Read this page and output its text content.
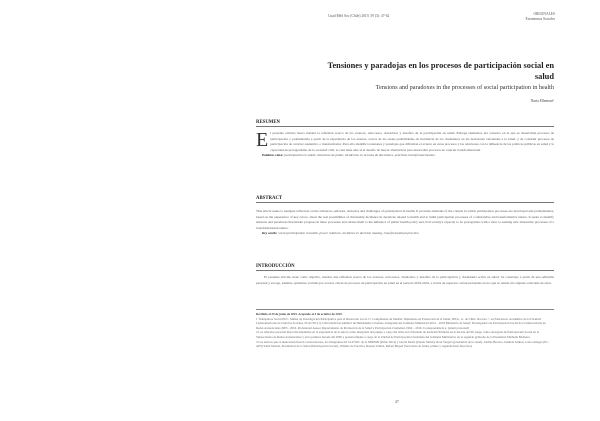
Cuad Méd Soc (Chile) 2019, 59 (3): 47-62	ORIGINALES
Estamentos Sociales
Tensiones y paradojas en los procesos de participación social en salud
Tensions and paradoxes in the processes of social participation in health
Nuria Ellemont¹
RESUMEN
El presente artículo busca instalar la reflexión acerca de los avances, retrocesos, obstáculos y desafíos de la participación en salud. Entrega elementos del contexto en el que se desarrollan procesos de participación y problematiza a partir de la experiencia de los autores, acerca de las reales posibilidades de incidencia de los ciudadanos en las decisiones vinculadas a la salud, y de construir procesos de participación de carácter sustantivo o transformador. Para ello identifica tensiones y paradojas que dificultan el avance en estos procesos y las relaciones con la influencia de las políticas públicas en salud y la capacidad de protagonismo de la sociedad civil, el cual tiene ante sí el desafío de buscar alternativas para desarrollar procesos de carácter transformacional.
Palabras clave: participación en salud, relaciones de poder, incidencia en la toma de decisiones, prácticas transformacionales.
ABSTRACT
This article seeks to instigate reflection on the advances, setbacks, obstacles and challenges of participation in health. It provides elements of the context in which participation processes are developed and problematizes, based on the experience of key actors, about the real possibilities of citizenship incidence in decisions related to health and to build participation processes of a substantive and transformative nature. It seeks to identify tensions and paradoxes that hinder progress in these processes and relates them to the influence of public health policy and civil society's capacity to be protagonists with a view to seeking new alternative processes of a transformational nature.
Key words: social participation in health, power relations, incidence in decision making, transformational practice.
INTRODUCCIÓN
El presente artículo tiene como objetivo, instalar una reflexión acerca de los avances, retrocesos, obstáculos y desafíos de la participación y ciudadanía activa en salud. Se construye a partir de una reflexión personal y escoge, además, opiniones vertidas por actores claves de procesos de participación en salud en el período 2016-2019, a través de espacios conversacionales en los que se reunió un conjunto relevante de ellos.
Recibido el 29 de junio de 2019. Aceptado el 4 de octubre de 2019.
1 Trabajadora Social PUC. Máster en Investigación Participativa para el Desarrollo Local. U. Complutense de Madrid. Diplomado en Promoción de la Salud, INTA - U. de Chile. Doctora © en Educación. Académica de la Facultad Latinoamericana de Ciencias Sociales, FLACSO (1); Universidad Académica de Humanismo Cristiano. Integrante del Gabinete Ministerial 2014 – 2018 Ministerio de Salud; Investigadora de Participación Social de la Subsecretaría de Redes Asistenciales 2003 - 2016. Profesional Asesor Departamento de Promoción de la Salud y Participación Ciudadana 1992 – 2016. Correspondencia a: [email protected]
2 Los referidos personal más relevantemente en la experiencia de la autora como integrante del equipo a cargo del tema en la División de Atención Primaria en la década del 90, luego como encargada de Participación Social en la Subsecretaría de Redes Asistenciales y en la primera década del 2000 y posteriormente a cargo de la Unidad de Participación Ciudadana del Gabinete Ministerial, en el segundo gobierno de la Presidenta Michelle Bachelet.
3 Los autores que se mencionan fueron conversatorios, los integrantes del CLUSOC de la SEREMI (Pablo Silva) y Gloria Inesta (Puerto Montt), Rosa Vergara (presidenta de la salud), Andrés Becerra, Daniela Salinas, Luis Gallegos (Ex - APS) Sabel Moreal, Presidencia de la Salud (Participación Social), Orlando de Forestro, Raquel Urbina, Rafael Migsel (Secretaría de Salud, primer y segunda mesa directiva).
47
